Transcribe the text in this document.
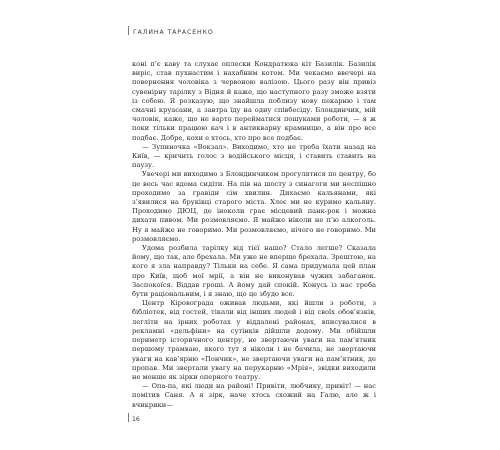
ГАЛИНА ТАРАСЕНКО

коні п’є каву та слухає оплески Кондратюка кіт Базилік. Базилік виріс, став пухнастим і нахабним котом. Ми чекаємо ввечері на повернення чоловіка з червоною валізою. Цього разу він привіз сувенірну тарілку з Відня й каже, що наступного разу зможе взяти із собою. Я розказую, що знайшла поблизу нову пекарню і там смачні круасани, а завтра їду на одну співбесіду. Блондинчик, мій чоловік, каже, що не варто перейматися пошуками роботи, — я ж поки тільки працюю кач і в антикварну крамницю, а він про все подбає. Добре, кохи е хтось, хто про все подбає.

— Зупиночка «Вокзал». Виходимо, хто не треба їхати назад на Київ, — кричить голос з водійського місця, і ставить ставить на паузу.

Увечері ми виходимо з Блондинчиком прогулятися по центру, бо це весь час вдома сидіти. На пів на шосту з синагоги ми неспішно проходимо за гравіди сім хвилин. Дихаємо кальянами, які з’явилися на бруківці старого міста. Хлеє ми не куримо кальяну. Проходимо ДЮЦ, де іноколи грає місцевий панк-рок і можна дихати пивом. Ми розмовляємо. Я майже ніколи не п’ю алкоголь. Ну я майже не говоримо. Ми розмовляємо, нічого не говоримо. Ми розмовляємо.

Удома розбила тарілку від тієї нашо? Стало легше? Сказала йому, що так, але брехала. Ми уже не вперше брехала. Зрештою, на кого я зла направду? Тільки на себе. Я сама придумала цей план про Київ, щоб мої мрії, а він не виконував чужих забаганок. Заспокоїся. Віддав гроші. А йому дай спокій. Конусь із нас треба бути раціональним, і я знаю, що це збудо все.

Центр Кіровограда оживав людьми, які йшли з роботи, з бібліотек, від гостей, тікали від інших людей і від своїх обов’язків, легліти на ірних роботах у віддалені районах, вписувалися в рекламні «дельфіни» на сутінків дійшли додому. Ми обійшли периметр історичного центру, не звертаючи уваги на пам’ятник першому трамваю, якого тут я ніколи і не бачила, не звертаючи уваги на кав’ярню «Пончик», не звертаючи уваги на пам’ятник, де пропав. Ми звертали увагу на перукарню «Мрія», звідки виходили не менше як зірки оперного театру.

— Опа-па, які люди на районі! Привіти, любчику, привіт! — нас помітив Саня. А я зірк, наче хтось схожий на Галю, але ж і вчикрики—

16
